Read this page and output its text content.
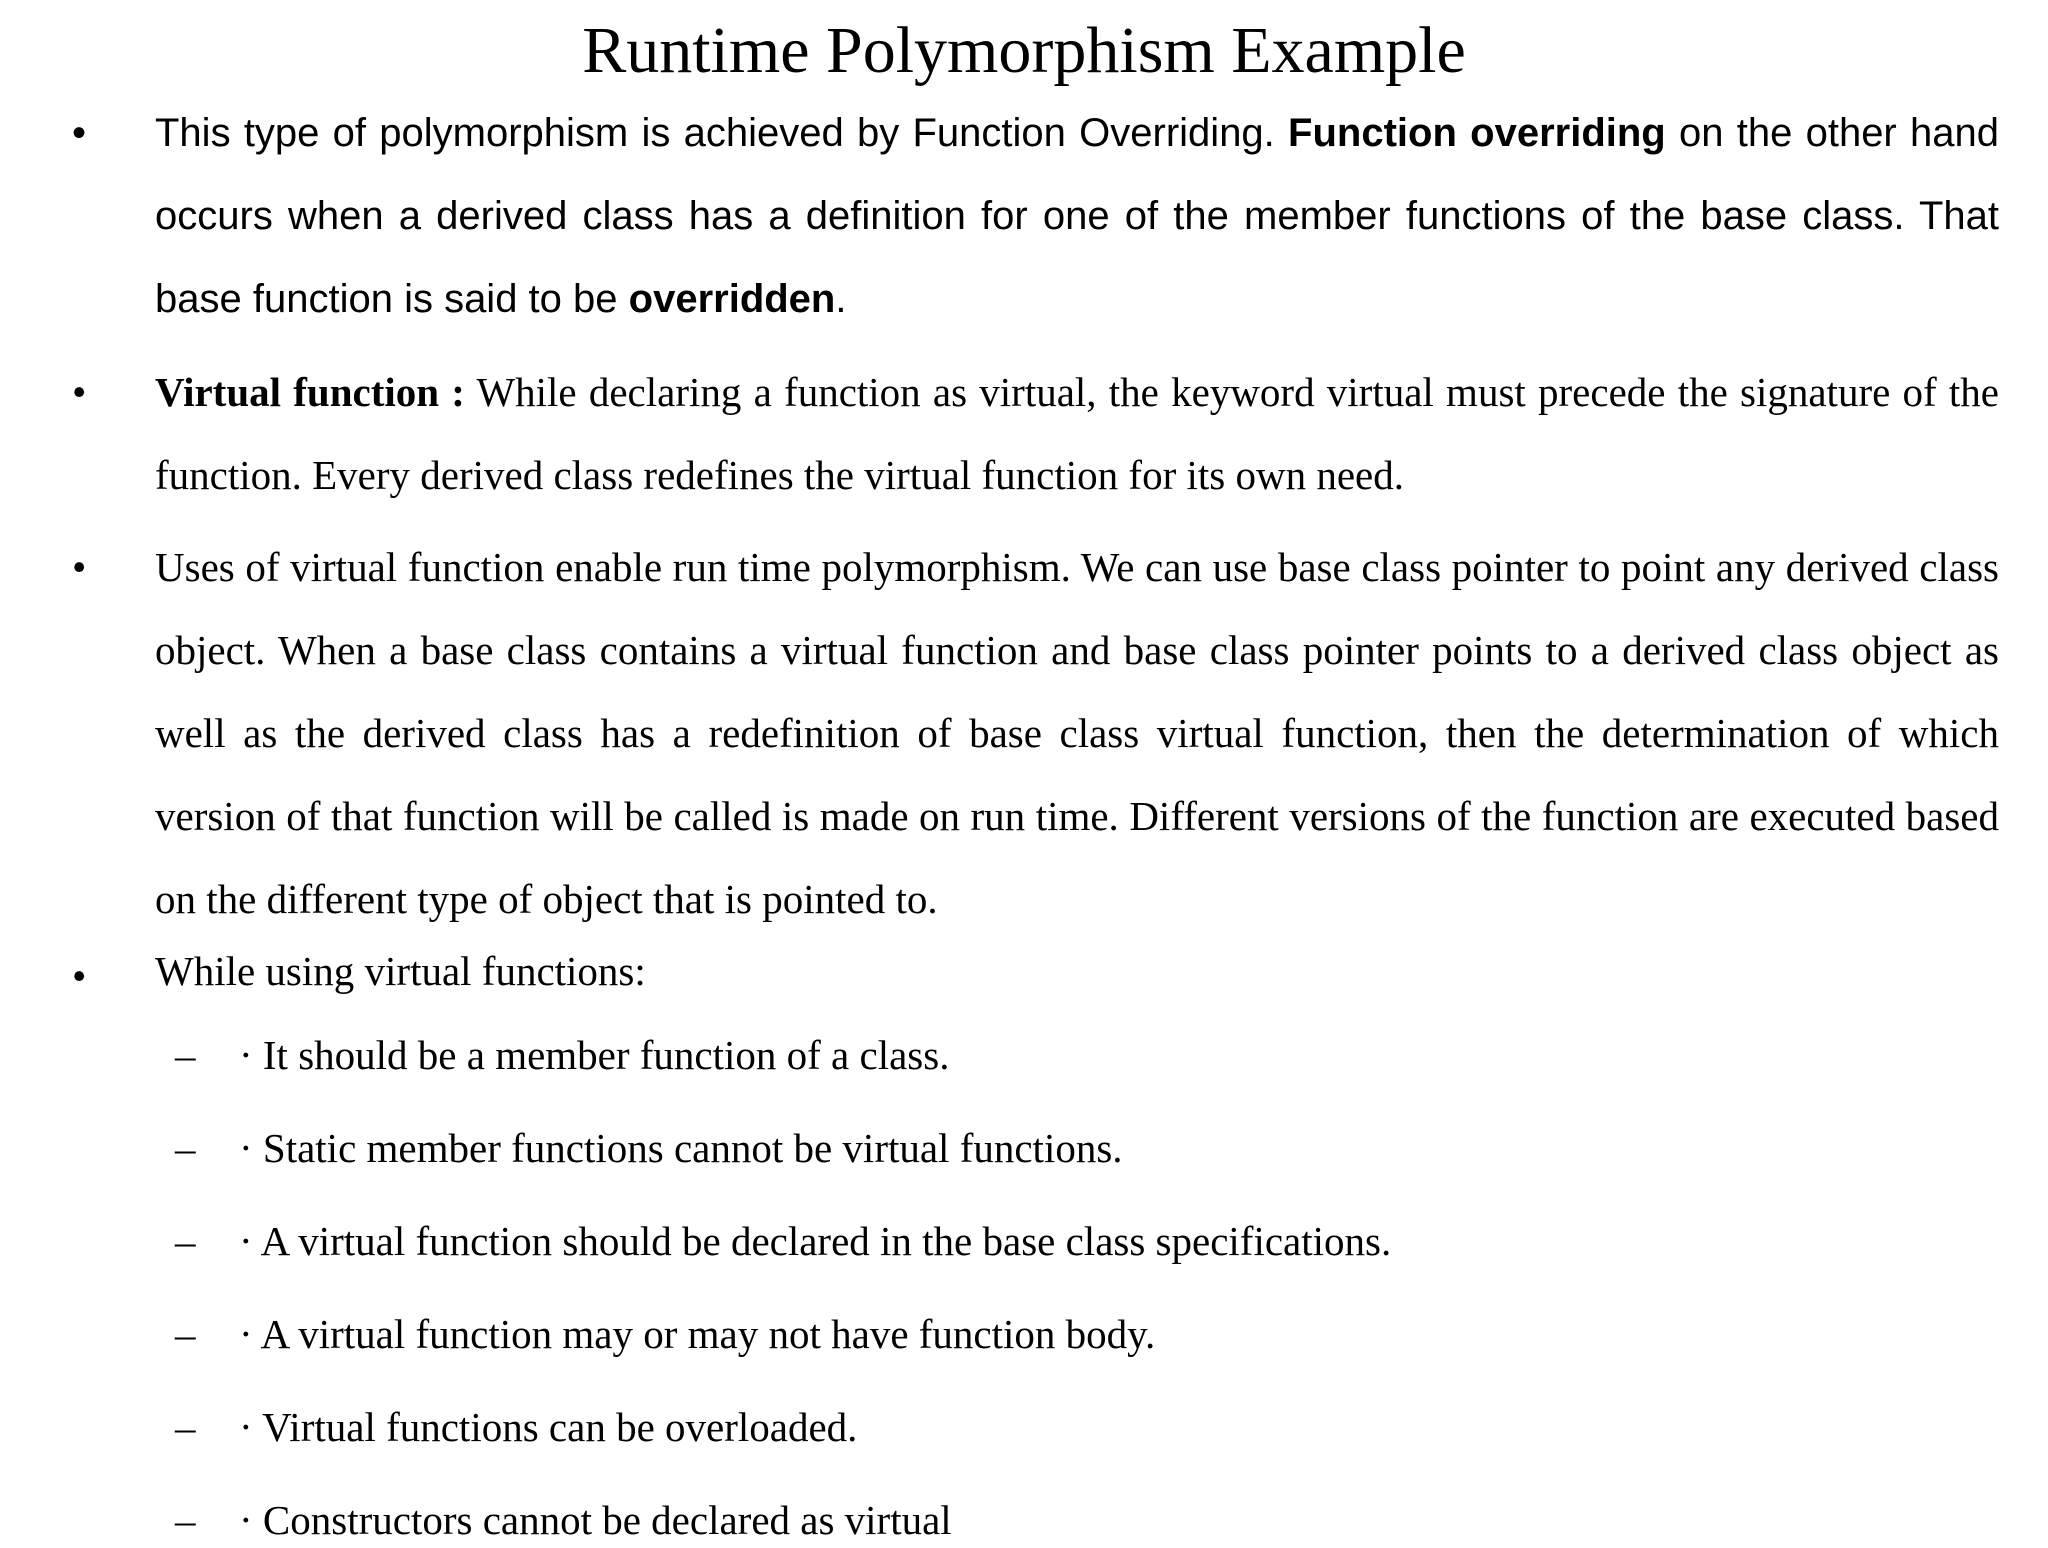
Runtime Polymorphism Example
•	This type of polymorphism is achieved by Function Overriding. Function overriding on the other hand occurs when a derived class has a definition for one of the member functions of the base class. That base function is said to be overridden.

•	Virtual function : While declaring a function as virtual, the keyword virtual must precede the signature of the function. Every derived class redefines the virtual function for its own need.

•	Uses of virtual function enable run time polymorphism. We can use base class pointer to point any derived class object. When a base class contains a virtual function and base class pointer points to a derived class object as well as the derived class has a redefinition of base class virtual function, then the determination of which version of that function will be called is made on run time. Different versions of the function are executed based on the different type of object that is pointed to.

•	While using virtual functions:

– · It should be a member function of a class.
– · Static member functions cannot be virtual functions.
– · A virtual function should be declared in the base class specifications.
– · A virtual function may or may not have function body.
– · Virtual functions can be overloaded.
– · Constructors cannot be declared as virtual
